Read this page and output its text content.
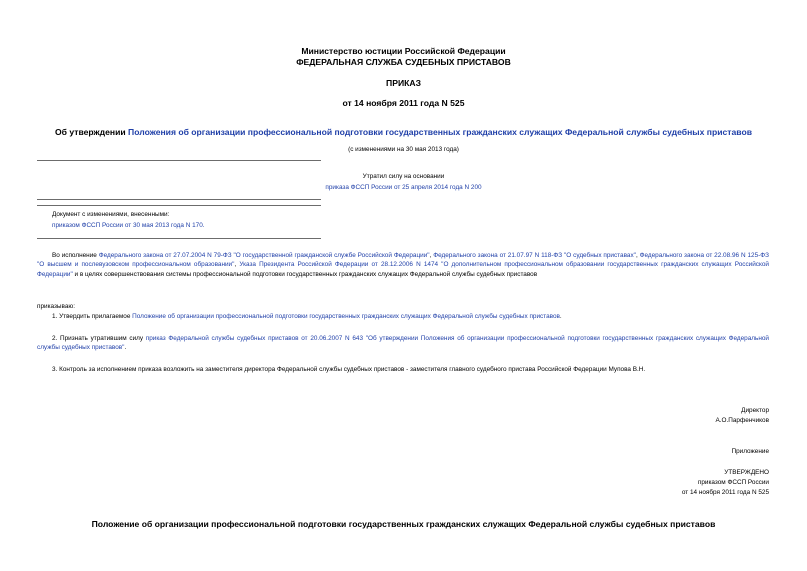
Министерство юстиции Российской Федерации
ФЕДЕРАЛЬНАЯ СЛУЖБА СУДЕБНЫХ ПРИСТАВОВ
ПРИКАЗ
от 14 ноября 2011 года N 525
Об утверждении Положения об организации профессиональной подготовки государственных гражданских служащих Федеральной службы судебных приставов
(с изменениями на 30 мая 2013 года)
Утратил силу на основании
приказа ФССП России от 25 апреля 2014 года N 200
Документ с изменениями, внесенными:
приказом ФССП России от 30 мая 2013 года N 170.
Во исполнение Федерального закона от 27.07.2004 N 79-ФЗ "О государственной гражданской службе Российской Федерации", Федерального закона от 21.07.97 N 118-ФЗ "О судебных приставах", Федерального закона от 22.08.96 N 125-ФЗ "О высшем и послевузовском профессиональном образовании", Указа Президента Российской Федерации от 28.12.2006 N 1474 "О дополнительном профессиональном образовании государственных гражданских служащих Российской Федерации" и в целях совершенствования системы профессиональной подготовки государственных гражданских служащих Федеральной службы судебных приставов
приказываю:
1. Утвердить прилагаемое Положение об организации профессиональной подготовки государственных гражданских служащих Федеральной службы судебных приставов.
2. Признать утратившим силу приказ Федеральной службы судебных приставов от 20.06.2007 N 643 "Об утверждении Положения об организации профессиональной подготовки государственных гражданских служащих Федеральной службы судебных приставов".
3. Контроль за исполнением приказа возложить на заместителя директора Федеральной службы судебных приставов - заместителя главного судебного пристава Российской Федерации Мупова В.Н.
Директор
А.О.Парфенчиков
Приложение
УТВЕРЖДЕНО
приказом ФССП России
от 14 ноября 2011 года N 525
Положение об организации профессиональной подготовки государственных гражданских служащих Федеральной службы судебных приставов
